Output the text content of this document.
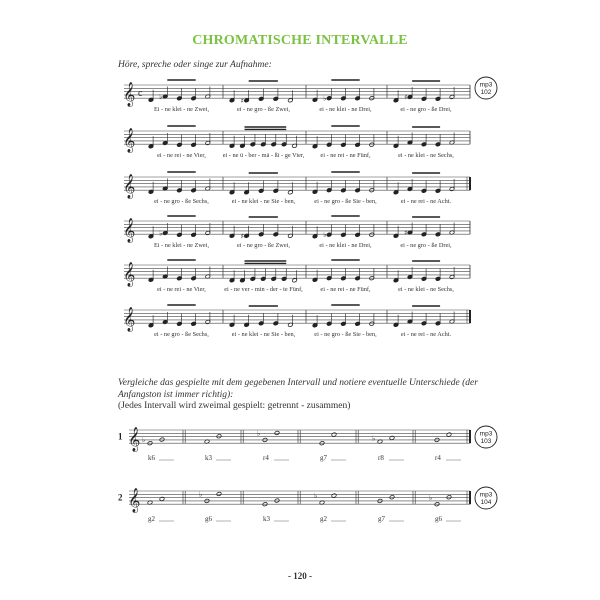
CHROMATISCHE INTERVALLE
Höre, spreche oder singe zur Aufnahme:
Vergleiche das gespielte mit dem gegebenen Intervall und notiere eventuelle Unterschiede (der Anfangston ist immer richtig):
(Jedes Intervall wird zweimal gespielt: getrennt - zusammen)
𝄞 c ♭	♯	♭	♯
Ei - ne klei - ne Zwei,	ei - ne gro - ße Zwei,	ei - ne klei - ne Drei,	ei - ne gro - ße Drei,
𝄞
ei - ne rei - ne Vier,	ei - ne ü - ber - mä - ßi - ge Vier,	ei - ne rei - ne Fünf,	ei - ne klei - ne Sechs,
𝄞
ei - ne gro - ße Sechs,	ei - ne klei - ne Sie - ben,	ei - ne gro - ße Sie - ben,	ei - ne rei - ne Acht.
𝄞	♭	♯	♭	♯
Ei - ne klei - ne Zwei,	ei - ne gro - ße Zwei,	ei - ne klei - ne Drei,	ei - ne gro - ße Drei,
𝄞
ei - ne rei - ne Vier,	ei - ne ver - min - der - te Fünf,	ei - ne rei - ne Fünf,	ei - ne klei - ne Sechs,
𝄞
ei - ne gro - ße Sechs,	ei - ne klei - ne Sie - ben,	ei - ne gro - ße Sie - ben,	ei - ne rei - ne Acht.
mp3
102
1 𝄞 ♭
♭
♭
k6	k3	r4	g7	r8	r4
mp3
103
2 𝄞	♭	♭	♭
g2	g6	k3	g2	g7	g6
mp3
104
- 120 -
